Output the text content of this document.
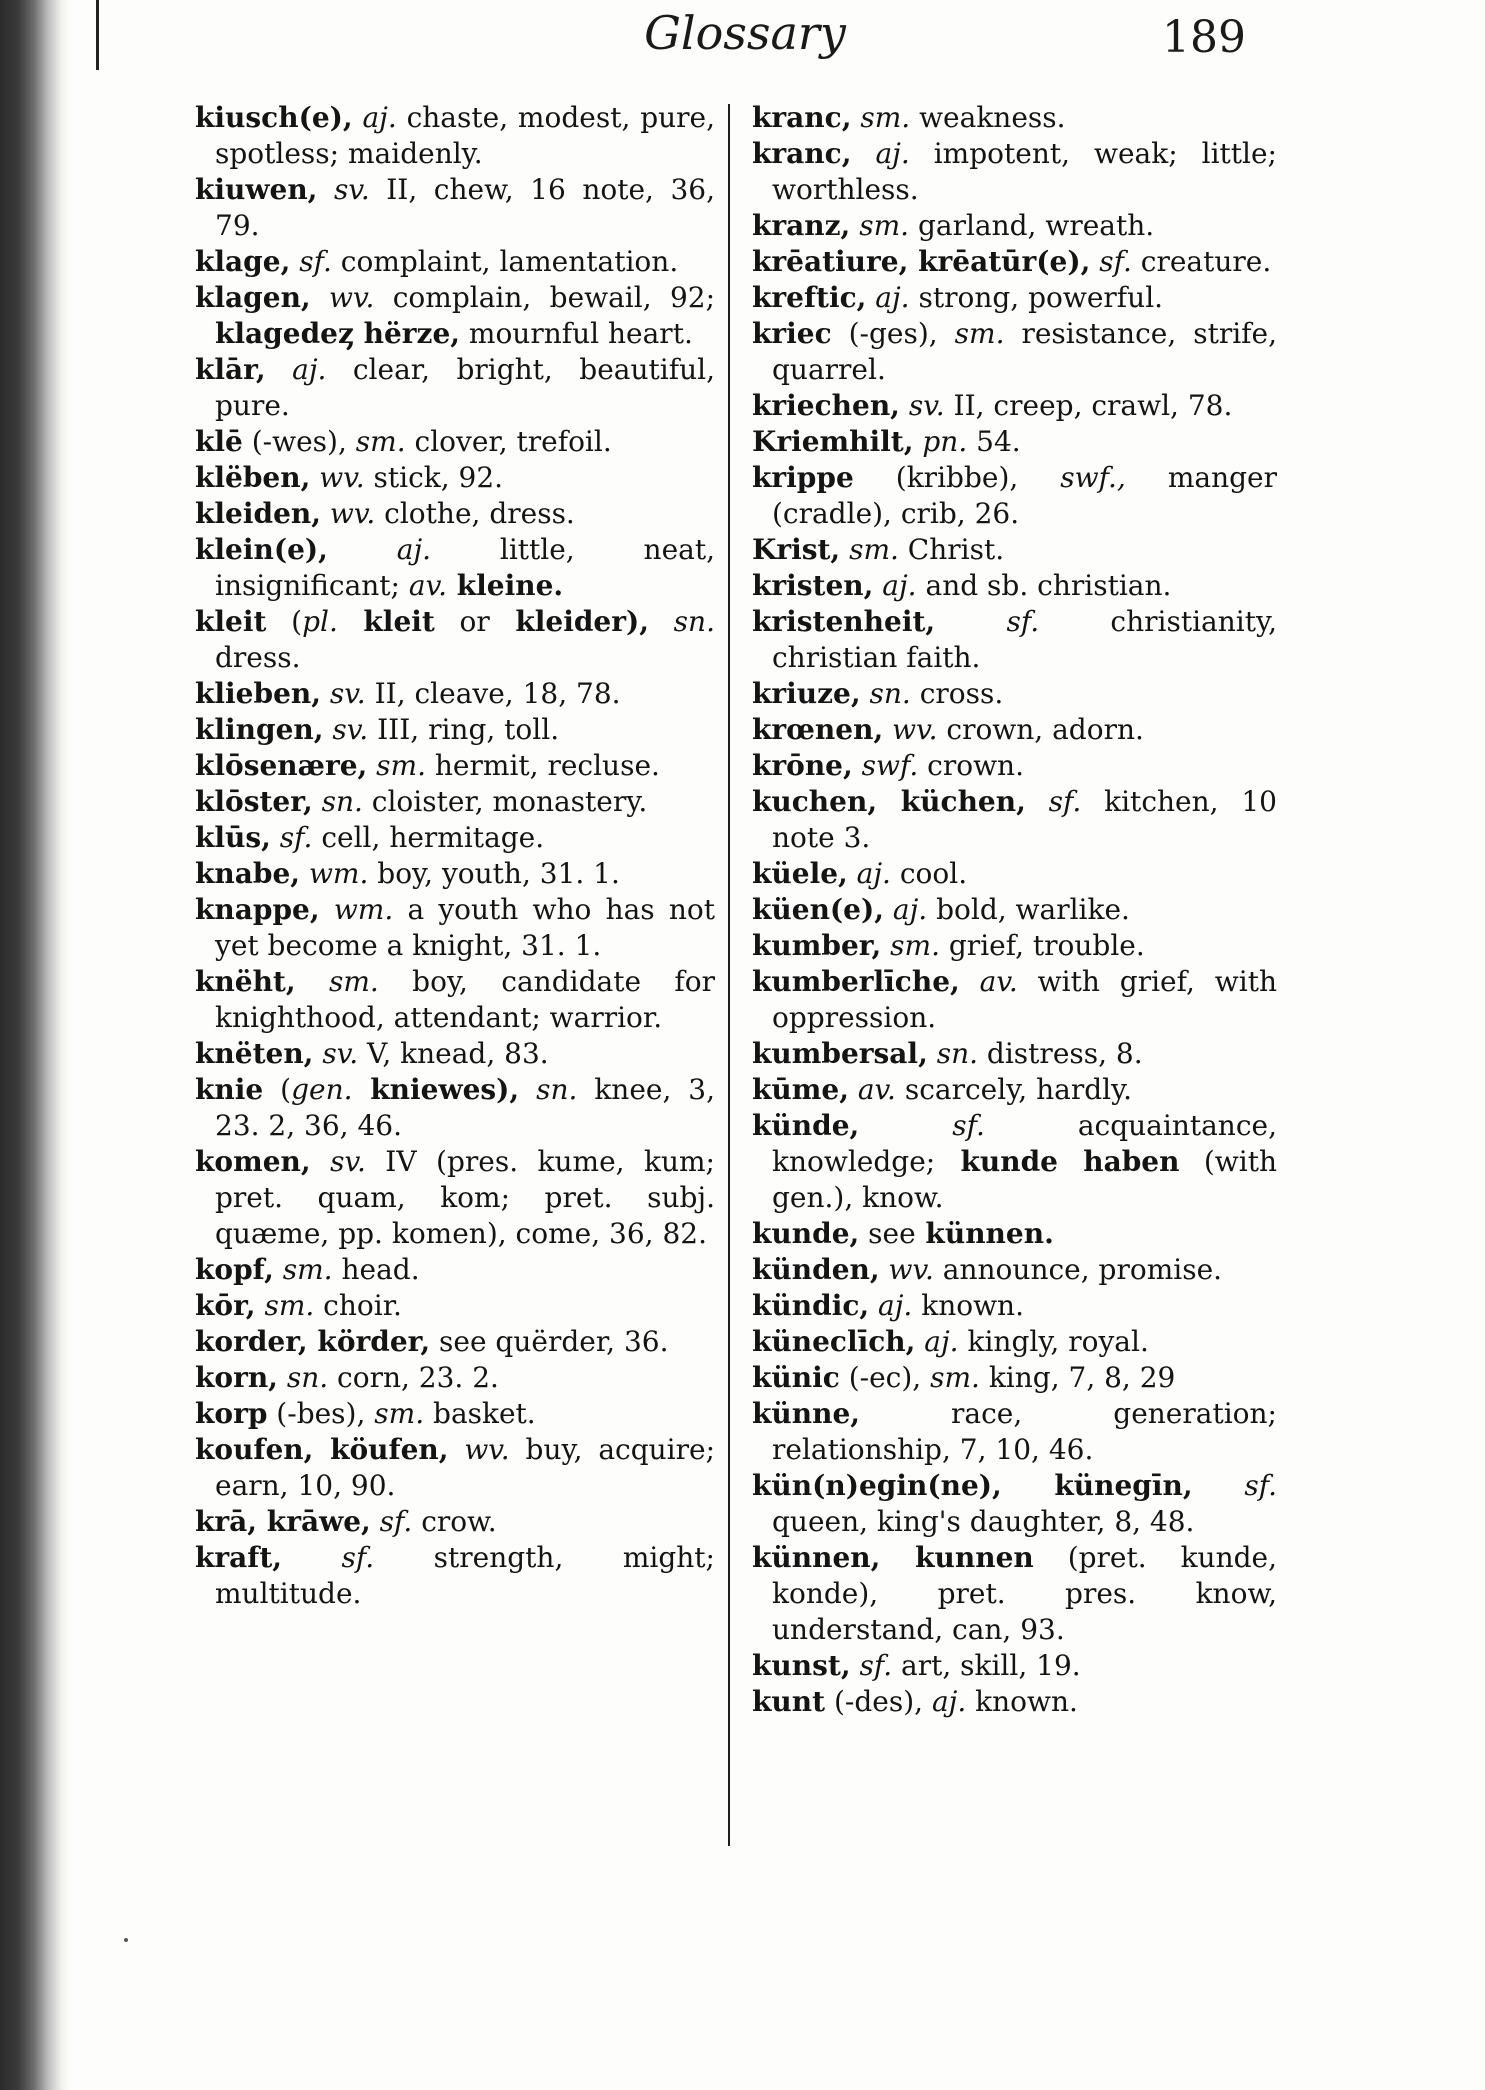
Glossary	189

kiusch(e), aj. chaste, modest, pure, spotless; maidenly.

kiuwen, sv. II, chew, 16 note, 36, 79.

klage, sf. complaint, lamentation.

klagen, wv. complain, bewail, 92; klagedeȥ hërze, mournful heart.

klār, aj. clear, bright, beautiful, pure.

klē (-wes), sm. clover, trefoil.

klëben, wv. stick, 92.

kleiden, wv. clothe, dress.

klein(e), aj. little, neat, insignificant; av. kleine.

kleit (pl. kleit or kleider), sn. dress.

klieben, sv. II, cleave, 18, 78.

klingen, sv. III, ring, toll.

klōsenære, sm. hermit, recluse.

klōster, sn. cloister, monastery.

klūs, sf. cell, hermitage.

knabe, wm. boy, youth, 31. 1.

knappe, wm. a youth who has not yet become a knight, 31. 1.

knëht, sm. boy, candidate for knighthood, attendant; warrior.

knëten, sv. V, knead, 83.

knie (gen. kniewes), sn. knee, 3, 23. 2, 36, 46.

komen, sv. IV (pres. kume, kum; pret. quam, kom; pret. subj. quæme, pp. komen), come, 36, 82.

kopf, sm. head.

kōr, sm. choir.

korder, körder, see quërder, 36.

korn, sn. corn, 23. 2.

korp (-bes), sm. basket.

koufen, köufen, wv. buy, acquire; earn, 10, 90.

krā, krāwe, sf. crow.

kraft, sf. strength, might; multitude.

kranc, sm. weakness.

kranc, aj. impotent, weak; little; worthless.

kranz, sm. garland, wreath.

krēatiure, krēatūr(e), sf. creature.

kreftic, aj. strong, powerful.

kriec (-ges), sm. resistance, strife, quarrel.

kriechen, sv. II, creep, crawl, 78.

Kriemhilt, pn. 54.

krippe (kribbe), swf., manger (cradle), crib, 26.

Krist, sm. Christ.

kristen, aj. and sb. christian.

kristenheit, sf. christianity, christian faith.

kriuze, sn. cross.

krœnen, wv. crown, adorn.

krōne, swf. crown.

kuchen, küchen, sf. kitchen, 10 note 3.

küele, aj. cool.

küen(e), aj. bold, warlike.

kumber, sm. grief, trouble.

kumberlīche, av. with grief, with oppression.

kumbersal, sn. distress, 8.

kūme, av. scarcely, hardly.

künde, sf. acquaintance, knowledge; kunde haben (with gen.), know.

kunde, see künnen.

künden, wv. announce, promise.

kündic, aj. known.

küneclīch, aj. kingly, royal.

künic (-ec), sm. king, 7, 8, 29

künne, race, generation; relationship, 7, 10, 46.

kün(n)egin(ne), künegīn, sf. queen, king's daughter, 8, 48.

künnen, kunnen (pret. kunde, konde), pret. pres. know, understand, can, 93.

kunst, sf. art, skill, 19.

kunt (-des), aj. known.
